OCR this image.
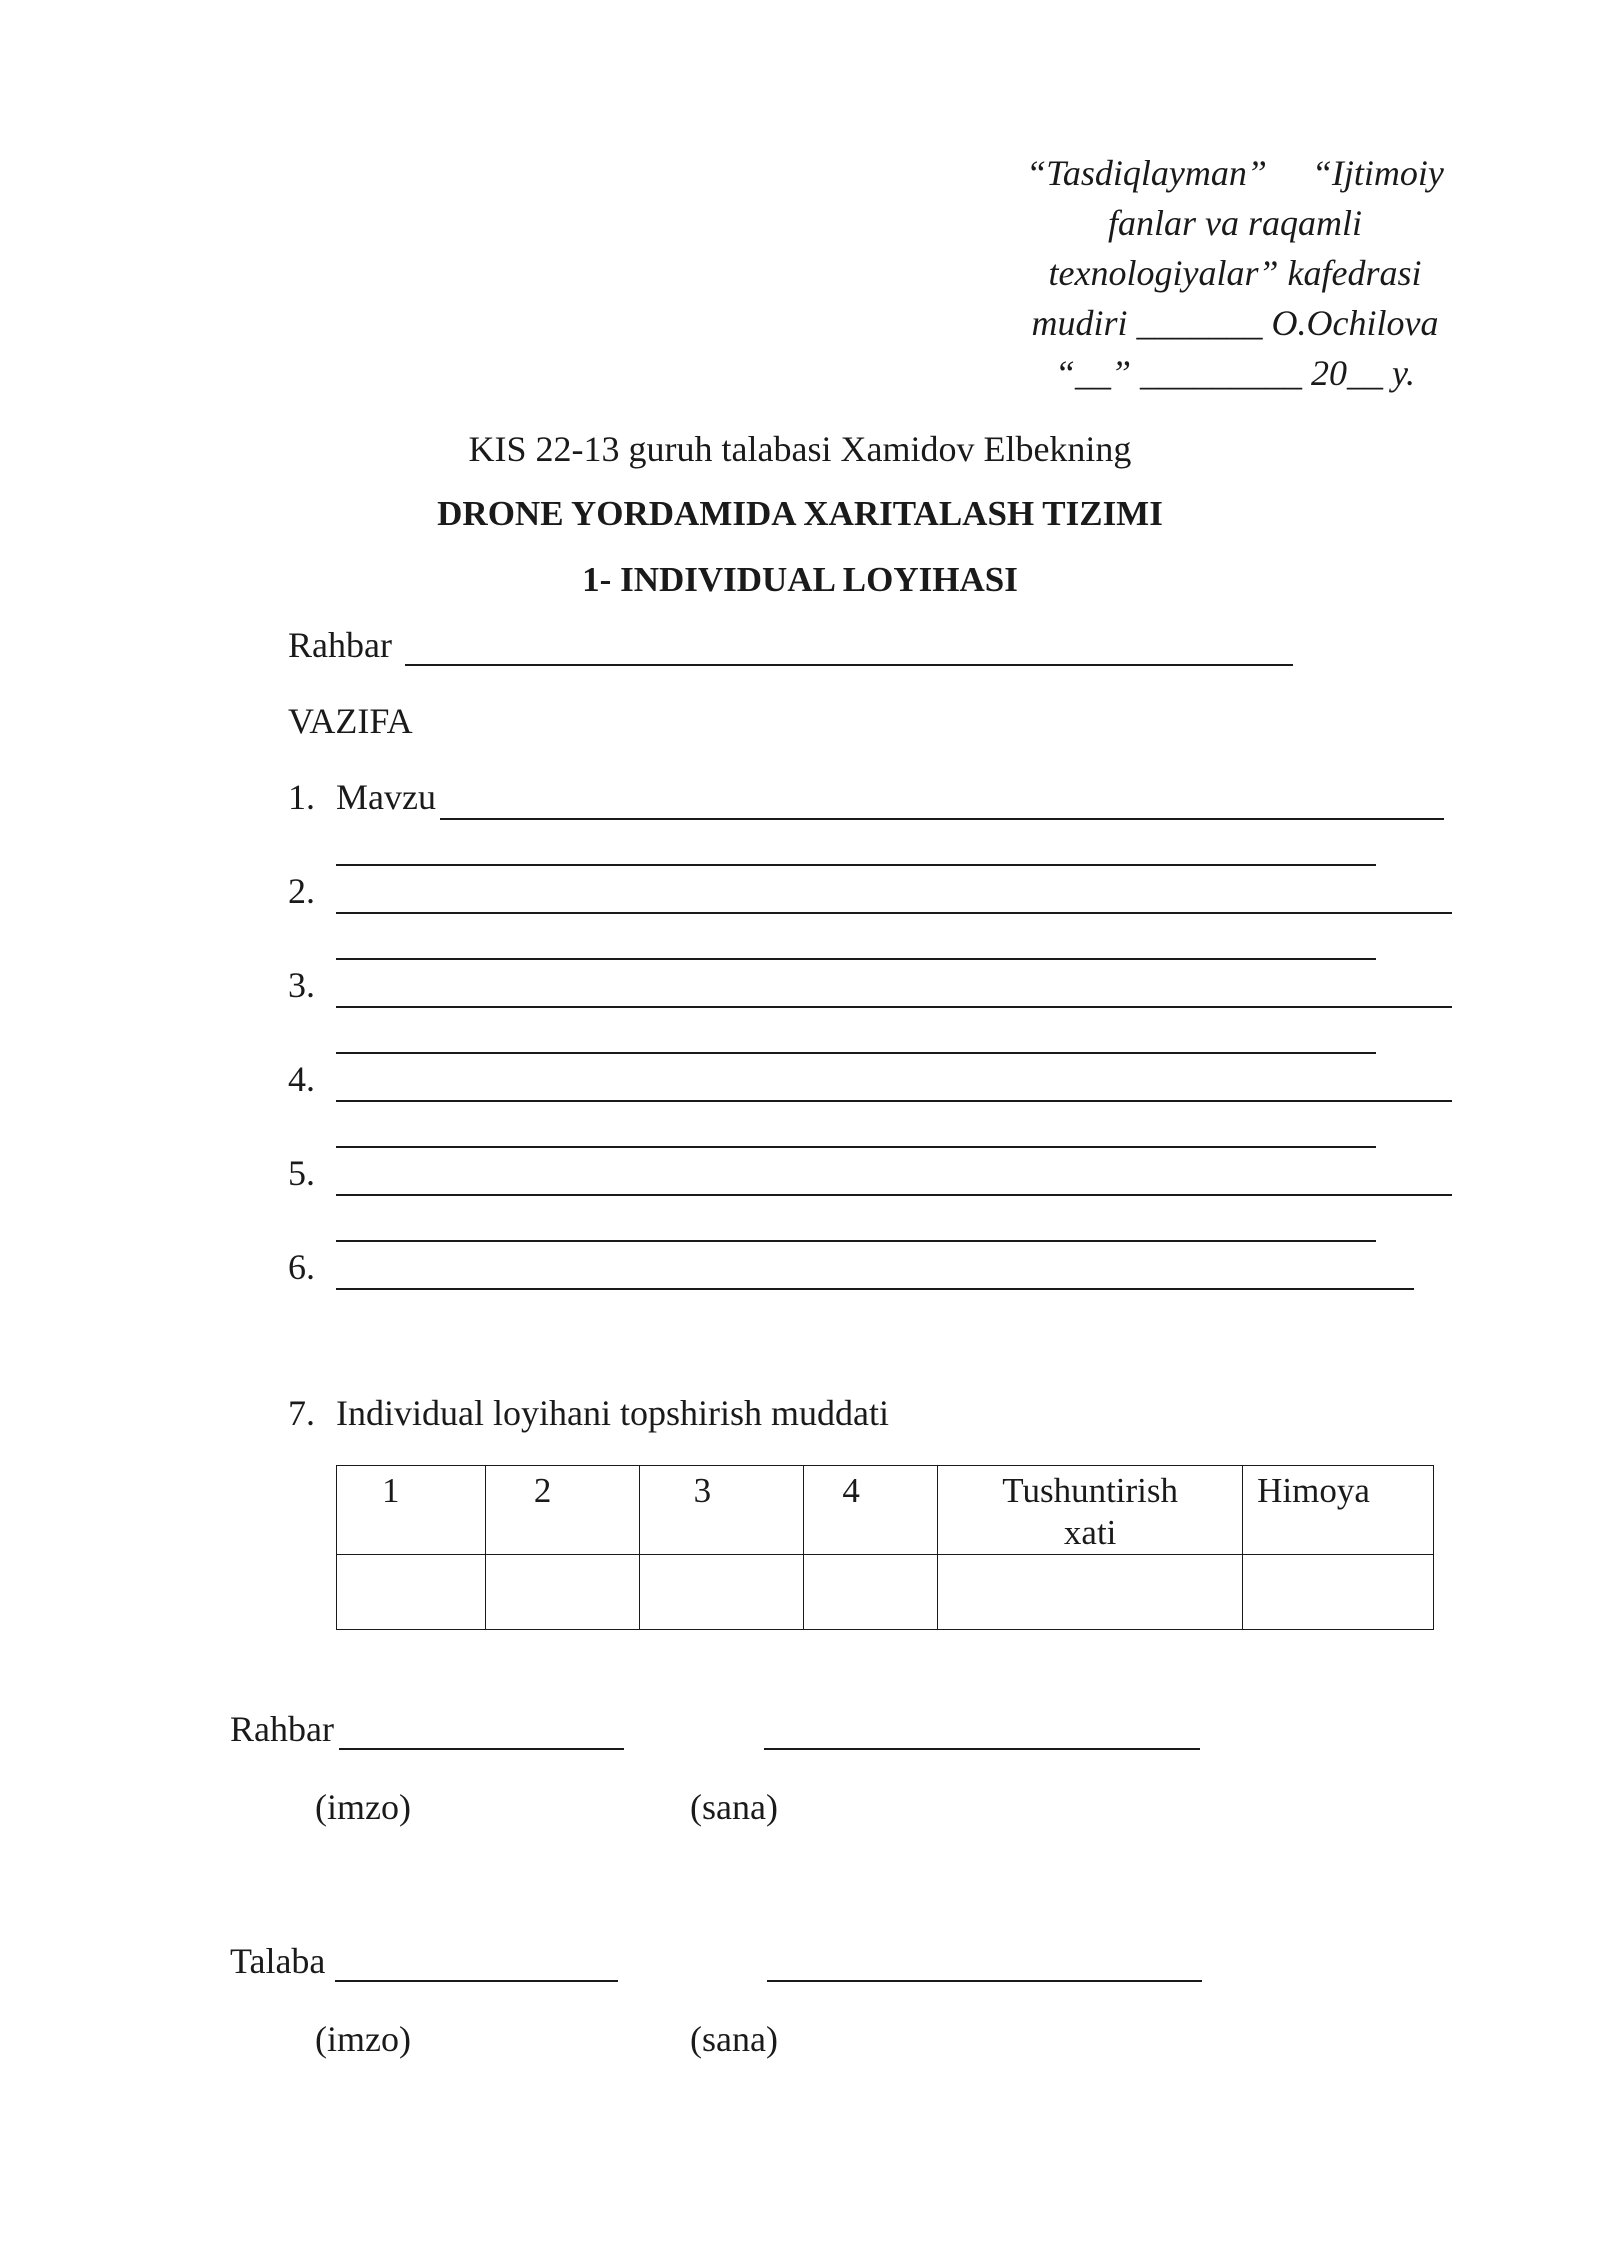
“Tasdiqlayman”     “Ijtimoiy
fanlar va raqamli
texnologiyalar” kafedrasi
mudiri _______ O.Ochilova
“__” _________ 20__ y.
KIS 22-13 guruh talabasi Xamidov Elbekning
DRONE YORDAMIDA XARITALASH TIZIMI
1- INDIVIDUAL LOYIHASI
Rahbar
VAZIFA
1. Mavzu
2.
3.
4.
5.
6.
7. Individual loyihani topshirish muddati
1	2	3	4	Tushuntirish xati	Himoya

Rahbar
(imzo)	(sana)
Talaba
(imzo)	(sana)
